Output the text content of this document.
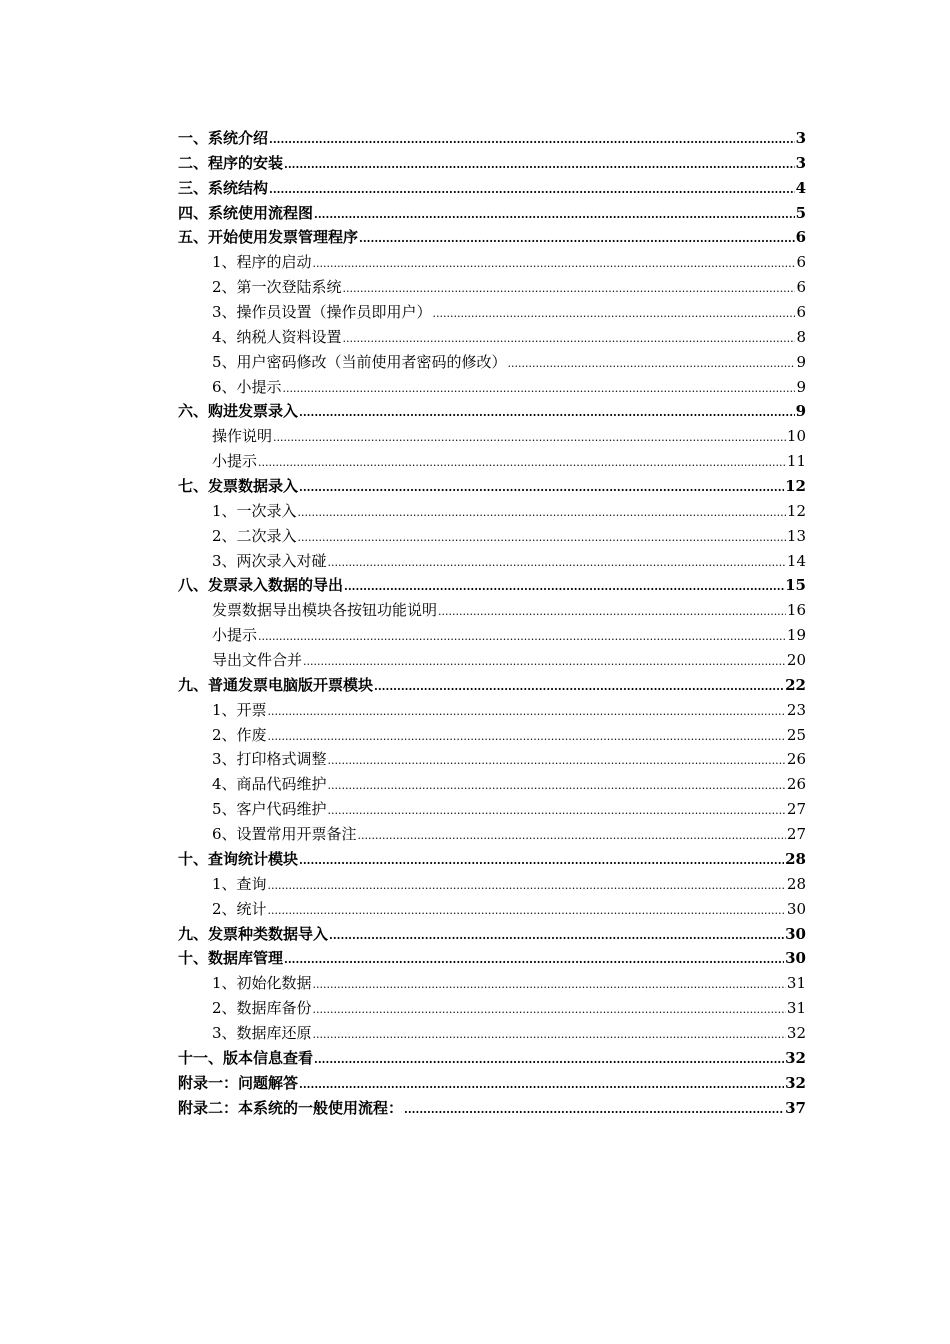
一、系统介绍 .....	3
二、程序的安装 .....	3
三、系统结构 .....	4
四、系统使用流程图 .....	5
五、开始使用发票管理程序 .....	6
1、程序的启动 .....	6
2、第一次登陆系统 .....	6
3、操作员设置（操作员即用户） .....	6
4、纳税人资料设置 .....	8
5、用户密码修改（当前使用者密码的修改） .....	9
6、小提示 .....	9
六、购进发票录入 .....	9
操作说明 .....	10
小提示 .....	11
七、发票数据录入 .....	12
1、一次录入 .....	12
2、二次录入 .....	13
3、两次录入对碰 .....	14
八、发票录入数据的导出 .....	15
发票数据导出模块各按钮功能说明 .....	16
小提示 .....	19
导出文件合并 .....	20
九、普通发票电脑版开票模块 .....	22
1、开票 .....	23
2、作废 .....	25
3、打印格式调整 .....	26
4、商品代码维护 .....	26
5、客户代码维护 .....	27
6、设置常用开票备注 .....	27
十、查询统计模块 .....	28
1、查询 .....	28
2、统计 .....	30
九、发票种类数据导入 .....	30
十、数据库管理 .....	30
1、初始化数据 .....	31
2、数据库备份 .....	31
3、数据库还原 .....	32
十一、版本信息查看 .....	32
附录一：问题解答 .....	32
附录二：本系统的一般使用流程： .....	37
